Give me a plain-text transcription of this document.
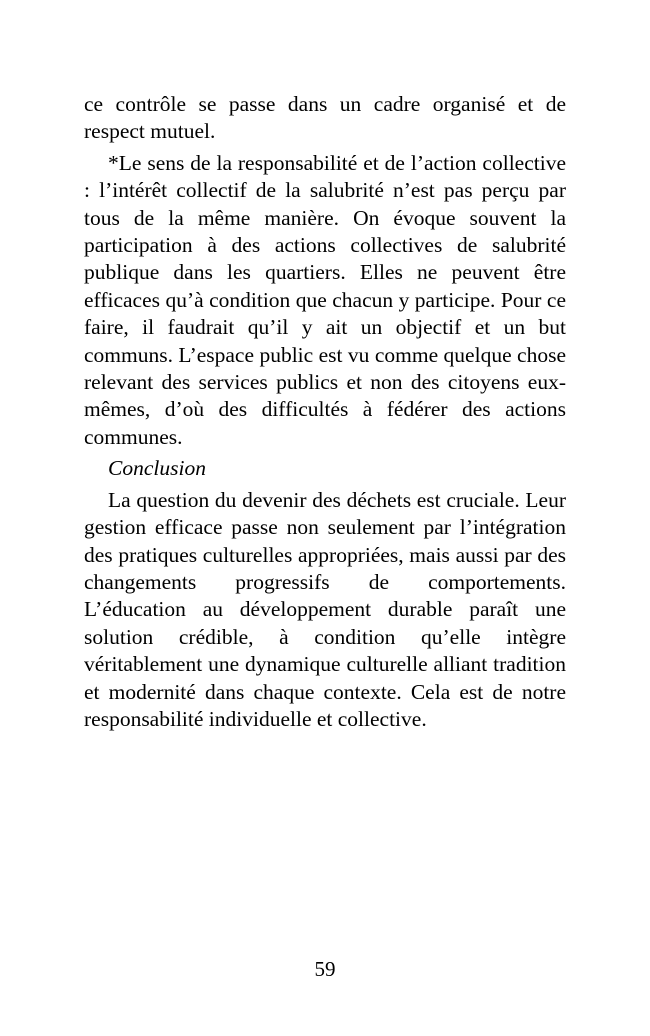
ce contrôle se passe dans un cadre organisé et de respect mutuel.

*Le sens de la responsabilité et de l’action collective : l’intérêt collectif de la salubrité n’est pas perçu par tous de la même manière. On évoque souvent la participation à des actions collectives de salubrité publique dans les quartiers. Elles ne peuvent être efficaces qu’à condition que chacun y participe. Pour ce faire, il faudrait qu’il y ait un objectif et un but communs. L’espace public est vu comme quelque chose relevant des services publics et non des citoyens eux-mêmes, d’où des difficultés à fédérer des actions communes.

Conclusion

La question du devenir des déchets est cruciale. Leur gestion efficace passe non seulement par l’intégration des pratiques culturelles appropriées, mais aussi par des changements progressifs de comportements. L’éducation au développement durable paraît une solution crédible, à condition qu’elle intègre véritablement une dynamique culturelle alliant tradition et modernité dans chaque contexte. Cela est de notre responsabilité individuelle et collective.

59
